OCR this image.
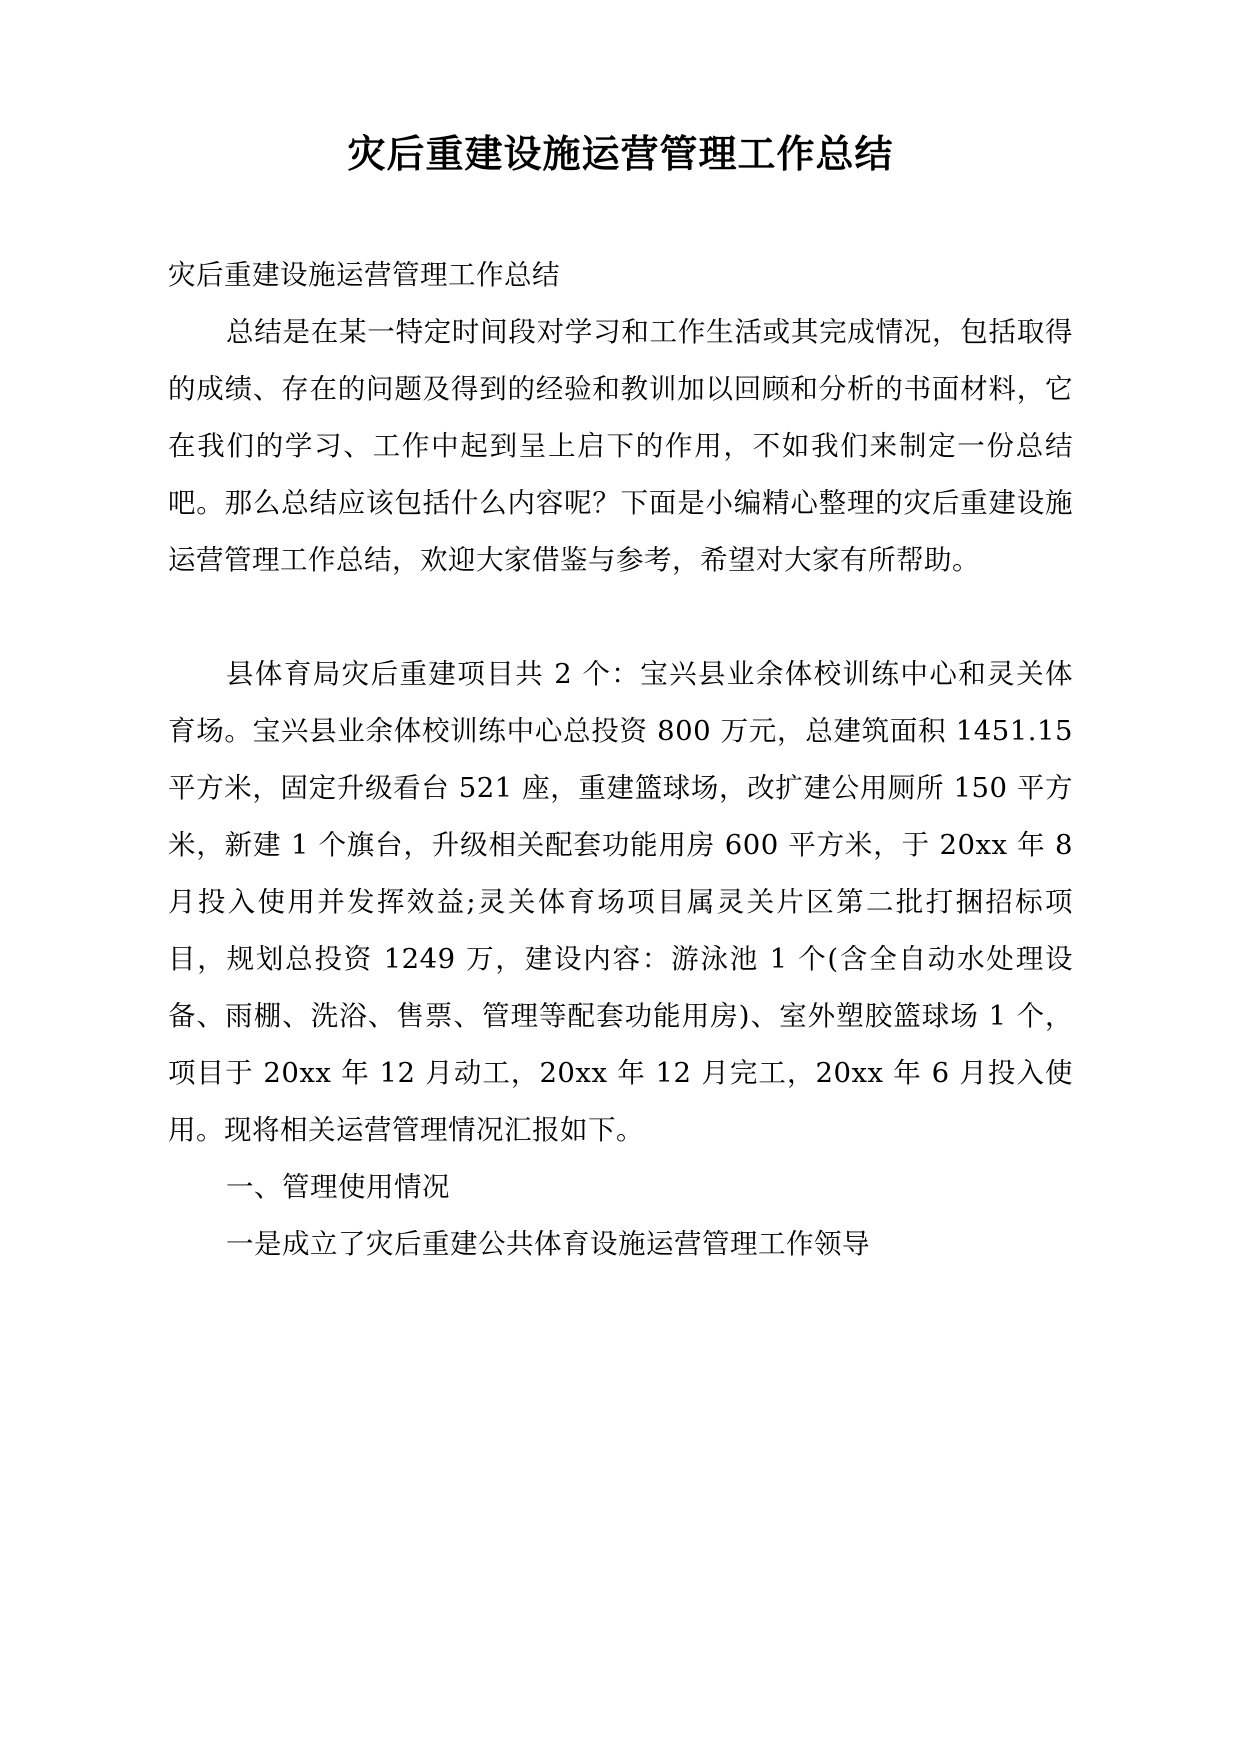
灾后重建设施运营管理工作总结

灾后重建设施运营管理工作总结

总结是在某一特定时间段对学习和工作生活或其完成情况，包括取得的成绩、存在的问题及得到的经验和教训加以回顾和分析的书面材料，它在我们的学习、工作中起到呈上启下的作用，不如我们来制定一份总结吧。那么总结应该包括什么内容呢？下面是小编精心整理的灾后重建设施运营管理工作总结，欢迎大家借鉴与参考，希望对大家有所帮助。

县体育局灾后重建项目共 2 个：宝兴县业余体校训练中心和灵关体育场。宝兴县业余体校训练中心总投资 800 万元，总建筑面积 1451.15 平方米，固定升级看台 521 座，重建篮球场，改扩建公用厕所 150 平方米，新建 1 个旗台，升级相关配套功能用房 600 平方米，于 20xx 年 8 月投入使用并发挥效益;灵关体育场项目属灵关片区第二批打捆招标项目，规划总投资 1249 万，建设内容：游泳池 1 个(含全自动水处理设备、雨棚、洗浴、售票、管理等配套功能用房)、室外塑胶篮球场 1 个，项目于 20xx 年 12 月动工，20xx 年 12 月完工，20xx 年 6 月投入使用。现将相关运营管理情况汇报如下。

一、管理使用情况

一是成立了灾后重建公共体育设施运营管理工作领导
